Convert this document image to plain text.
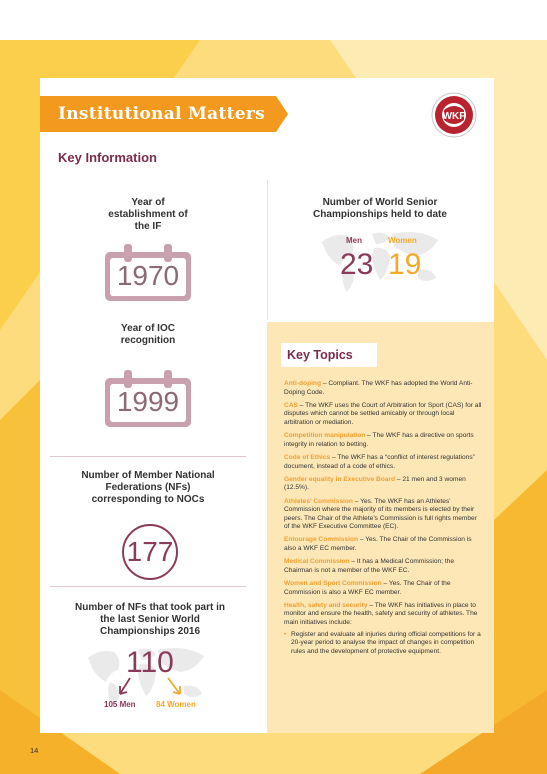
Institutional Matters	WKF
Key Information
Year of establishment of the IF
1970
Number of World Senior Championships held to date
Men	Women
23 19
Year of IOC recognition
1999
Number of Member National Federations (NFs) corresponding to NOCs
177
Number of NFs that took part in the last Senior World Championships 2016
110
105 Men	84 Women
Key Topics
Anti-doping – Compliant. The WKF has adopted the World Anti-Doping Code.
CAS – The WKF uses the Court of Arbitration for Sport (CAS) for all disputes which cannot be settled amicably or through local arbitration or mediation.
Competition manipulation – The WKF has a directive on sports integrity in relation to betting.
Code of Ethics – The WKF has a “conflict of interest regulations” document, instead of a code of ethics.
Gender equality in Executive Board – 21 men and 3 women (12.5%).
Athletes’ Commission – Yes. The WKF has an Athletes’ Commission where the majority of its members is elected by their peers. The Chair of the Athlete’s Commission is full rights member of the WKF Executive Committee (EC).
Entourage Commission – Yes. The Chair of the Commission is also a WKF EC member.
Medical Commission – It has a Medical Commission; the Chairman is not a member of the WKF EC.
Women and Sport Commission – Yes. The Chair of the Commission is also a WKF EC member.
Health, safety and security – The WKF has initiatives in place to monitor and ensure the health, safety and security of athletes. The main initiatives include:
• Register and evaluate all injuries during official competitions for a 20-year period to analyse the impact of changes in competition rules and the development of protective equipment.
14
